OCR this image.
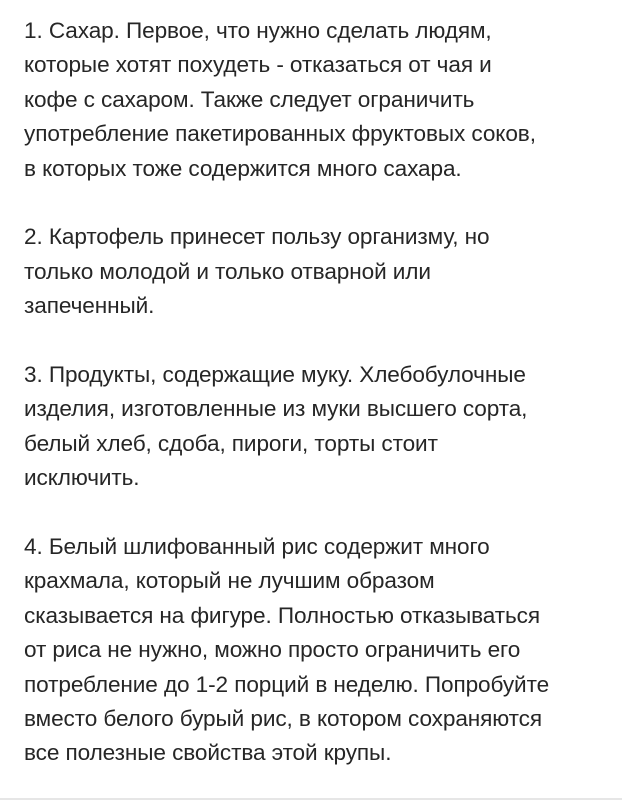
1. Сахар. Первое, что нужно сделать людям,
которые хотят похудеть - отказаться от чая и
кофе с сахаром. Также следует ограничить
употребление пакетированных фруктовых соков,
в которых тоже содержится много сахара.

2. Картофель принесет пользу организму, но
только молодой и только отварной или
запеченный.

3. Продукты, содержащие муку. Хлебобулочные
изделия, изготовленные из муки высшего сорта,
белый хлеб, сдоба, пироги, торты стоит
исключить.

4. Белый шлифованный рис содержит много
крахмала, который не лучшим образом
сказывается на фигуре. Полностью отказываться
от риса не нужно, можно просто ограничить его
потребление до 1-2 порций в неделю. Попробуйте
вместо белого бурый рис, в котором сохраняются
все полезные свойства этой крупы.
